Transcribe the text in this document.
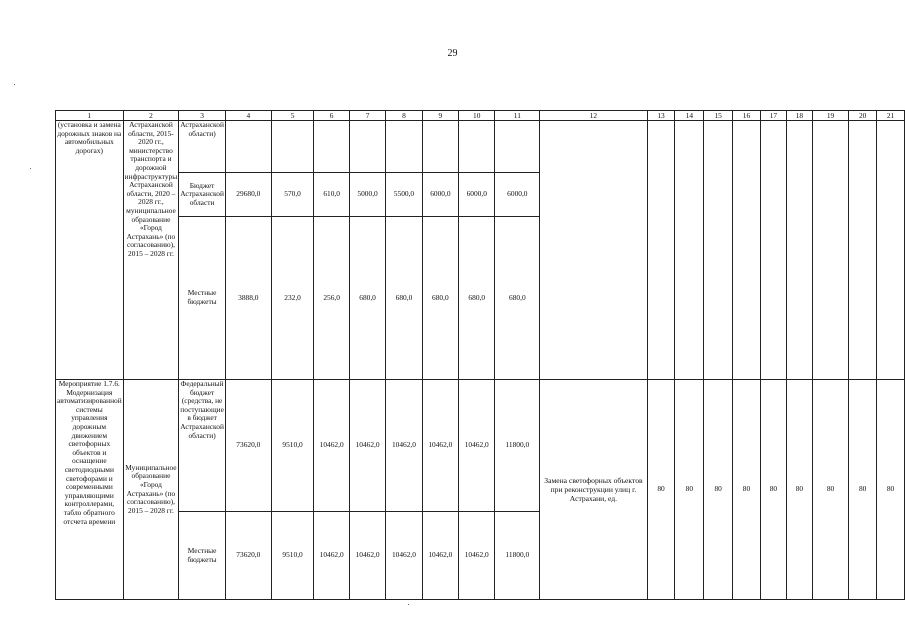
29
1	2	3	4	5	6	7	8	9	10	11	12	13	14	15	16	17	18	19	20	21
(установка и замена дорожных знаков на автомобильных дорогах)	Астраханской области, 2015-2020 гг., министерство транспорта и дорожной инфраструктуры Астраханской области, 2020 – 2028 гг., муниципальное образование «Город Астрахань» (по согласованию), 2015 – 2028 гг.	Астраханской области)																		
		Бюджет Астраханской области	29680,0	570,0	610,0	5000,0	5500,0	6000,0	6000,0	6000,0										
		Местные бюджеты	3888,0	232,0	256,0	680,0	680,0	680,0	680,0	680,0										
Мероприятие 1.7.6. Модернизация автоматизированной системы управления дорожным движением светофорных объектов и оснащение светодиодными светофорами и современными управляющими контроллерами, табло обратного отсчета времени	Муниципальное образование «Город Астрахань» (по согласованию), 2015 – 2028 гг.	Федеральный бюджет (средства, не поступающие в бюджет Астраханской области)	73620,0	9510,0	10462,0	10462,0	10462,0	10462,0	10462,0	11800,0	Замена светофорных объектов при реконструкции улиц г. Астрахани, ед.	80	80	80	80	80	80	80	80	80
		Местные бюджеты	73620,0	9510,0	10462,0	10462,0	10462,0	10462,0	10462,0	11800,0										
